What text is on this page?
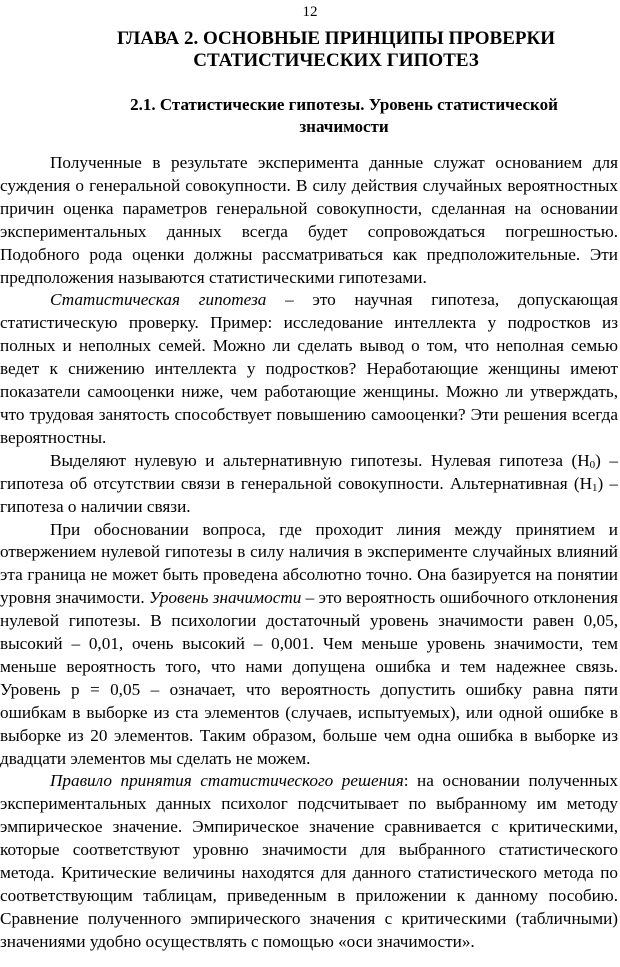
12
ГЛАВА 2. ОСНОВНЫЕ ПРИНЦИПЫ ПРОВЕРКИ
СТАТИСТИЧЕСКИХ ГИПОТЕЗ
2.1. Статистические гипотезы. Уровень статистической
значимости

Полученные в результате эксперимента данные служат основанием для суждения о генеральной совокупности. В силу действия случайных вероятностных причин оценка параметров генеральной совокупности, сделанная на основании экспериментальных данных всегда будет сопровождаться погрешностью. Подобного рода оценки должны рассматриваться как предположительные. Эти предположения называются статистическими гипотезами.

Статистическая гипотеза – это научная гипотеза, допускающая статистическую проверку. Пример: исследование интеллекта у подростков из полных и неполных семей. Можно ли сделать вывод о том, что неполная семью ведет к снижению интеллекта у подростков? Неработающие женщины имеют показатели самооценки ниже, чем работающие женщины. Можно ли утверждать, что трудовая занятость способствует повышению самооценки? Эти решения всегда вероятностны.

Выделяют нулевую и альтернативную гипотезы. Нулевая гипотеза $(H_0)$ – гипотеза об отсутствии связи в генеральной совокупности. Альтернативная $(H_1)$ – гипотеза о наличии связи.

При обосновании вопроса, где проходит линия между принятием и отвержением нулевой гипотезы в силу наличия в эксперименте случайных влияний эта граница не может быть проведена абсолютно точно. Она базируется на понятии уровня значимости. Уровень значимости – это вероятность ошибочного отклонения нулевой гипотезы. В психологии достаточный уровень значимости равен 0,05, высокий – 0,01, очень высокий – 0,001. Чем меньше уровень значимости, тем меньше вероятность того, что нами допущена ошибка и тем надежнее связь. Уровень p = 0,05 – означает, что вероятность допустить ошибку равна пяти ошибкам в выборке из ста элементов (случаев, испытуемых), или одной ошибке в выборке из 20 элементов. Таким образом, больше чем одна ошибка в выборке из двадцати элементов мы сделать не можем.

Правило принятия статистического решения: на основании полученных экспериментальных данных психолог подсчитывает по выбранному им методу эмпирическое значение. Эмпирическое значение сравнивается с критическими, которые соответствуют уровню значимости для выбранного статистического метода. Критические величины находятся для данного статистического метода по соответствующим таблицам, приведенным в приложении к данному пособию. Сравнение полученного эмпирического значения с критическими (табличными) значениями удобно осуществлять с помощью «оси значимости».
